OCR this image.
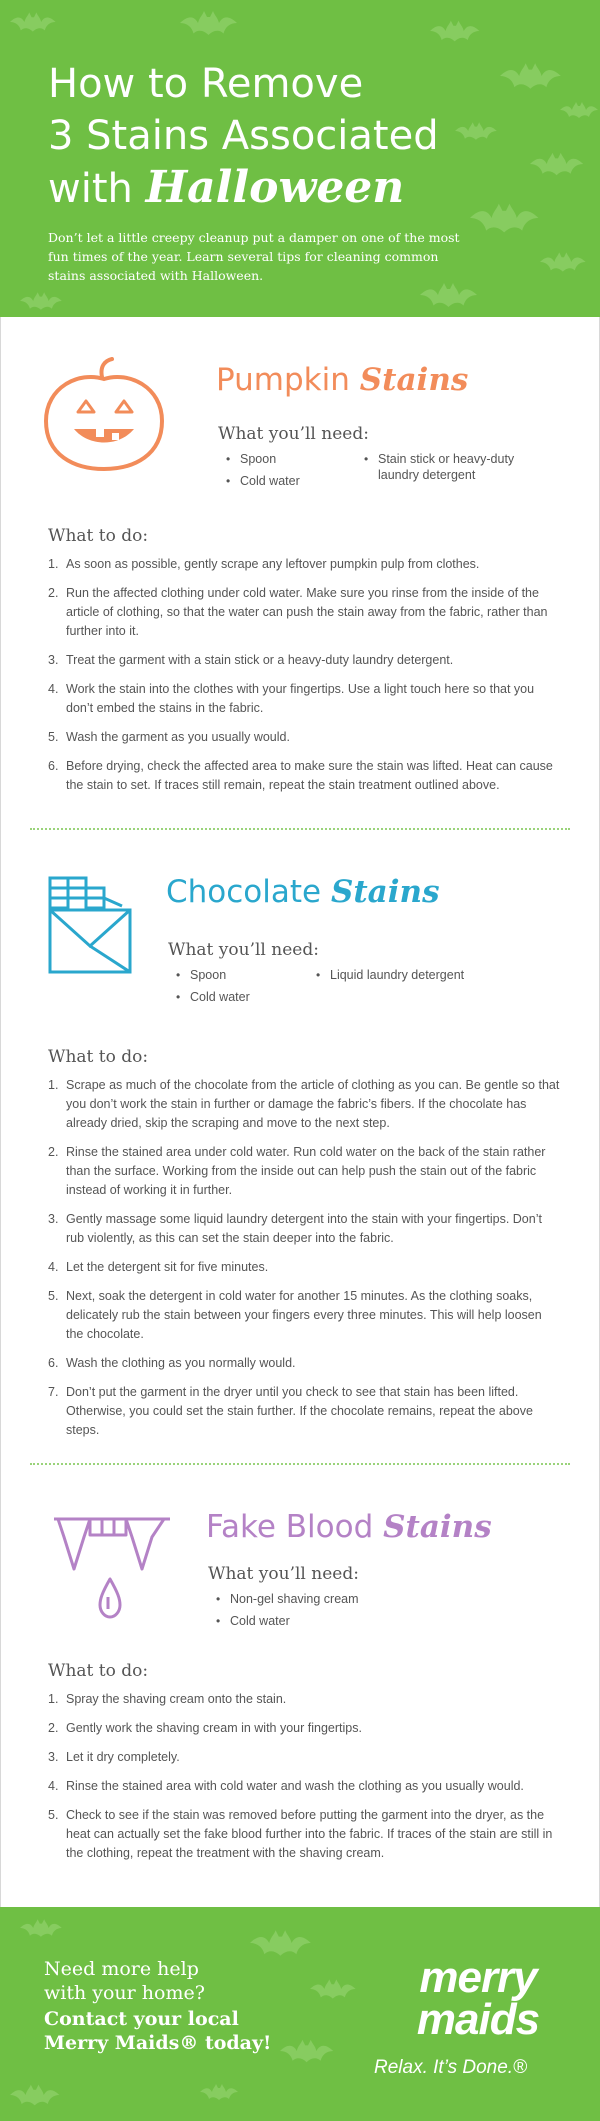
How to Remove
3 Stains Associated
with Halloween

Don’t let a little creepy cleanup put a damper on one of the most fun times of the year. Learn several tips for cleaning common stains associated with Halloween.

Pumpkin Stains
What you’ll need:
• Spoon
• Cold water
• Stain stick or heavy-duty laundry detergent
What to do:
1. As soon as possible, gently scrape any leftover pumpkin pulp from clothes.
2. Run the affected clothing under cold water. Make sure you rinse from the inside of the article of clothing, so that the water can push the stain away from the fabric, rather than further into it.
3. Treat the garment with a stain stick or a heavy-duty laundry detergent.
4. Work the stain into the clothes with your fingertips. Use a light touch here so that you don’t embed the stains in the fabric.
5. Wash the garment as you usually would.
6. Before drying, check the affected area to make sure the stain was lifted. Heat can cause the stain to set. If traces still remain, repeat the stain treatment outlined above.
Chocolate Stains
What you’ll need:
• Spoon
• Cold water
• Liquid laundry detergent
What to do:
1. Scrape as much of the chocolate from the article of clothing as you can. Be gentle so that you don’t work the stain in further or damage the fabric’s fibers. If the chocolate has already dried, skip the scraping and move to the next step.
2. Rinse the stained area under cold water. Run cold water on the back of the stain rather than the surface. Working from the inside out can help push the stain out of the fabric instead of working it in further.
3. Gently massage some liquid laundry detergent into the stain with your fingertips. Don’t rub violently, as this can set the stain deeper into the fabric.
4. Let the detergent sit for five minutes.
5. Next, soak the detergent in cold water for another 15 minutes. As the clothing soaks, delicately rub the stain between your fingers every three minutes. This will help loosen the chocolate.
6. Wash the clothing as you normally would.
7. Don’t put the garment in the dryer until you check to see that stain has been lifted. Otherwise, you could set the stain further. If the chocolate remains, repeat the above steps.
Fake Blood Stains
What you’ll need:
• Non-gel shaving cream
• Cold water
What to do:
1. Spray the shaving cream onto the stain.
2. Gently work the shaving cream in with your fingertips.
3. Let it dry completely.
4. Rinse the stained area with cold water and wash the clothing as you usually would.
5. Check to see if the stain was removed before putting the garment into the dryer, as the heat can actually set the fake blood further into the fabric. If traces of the stain are still in the clothing, repeat the treatment with the shaving cream.
Need more help
with your home?
Contact your local
Merry Maids® today!
merry
maids
Relax. It’s Done.®
